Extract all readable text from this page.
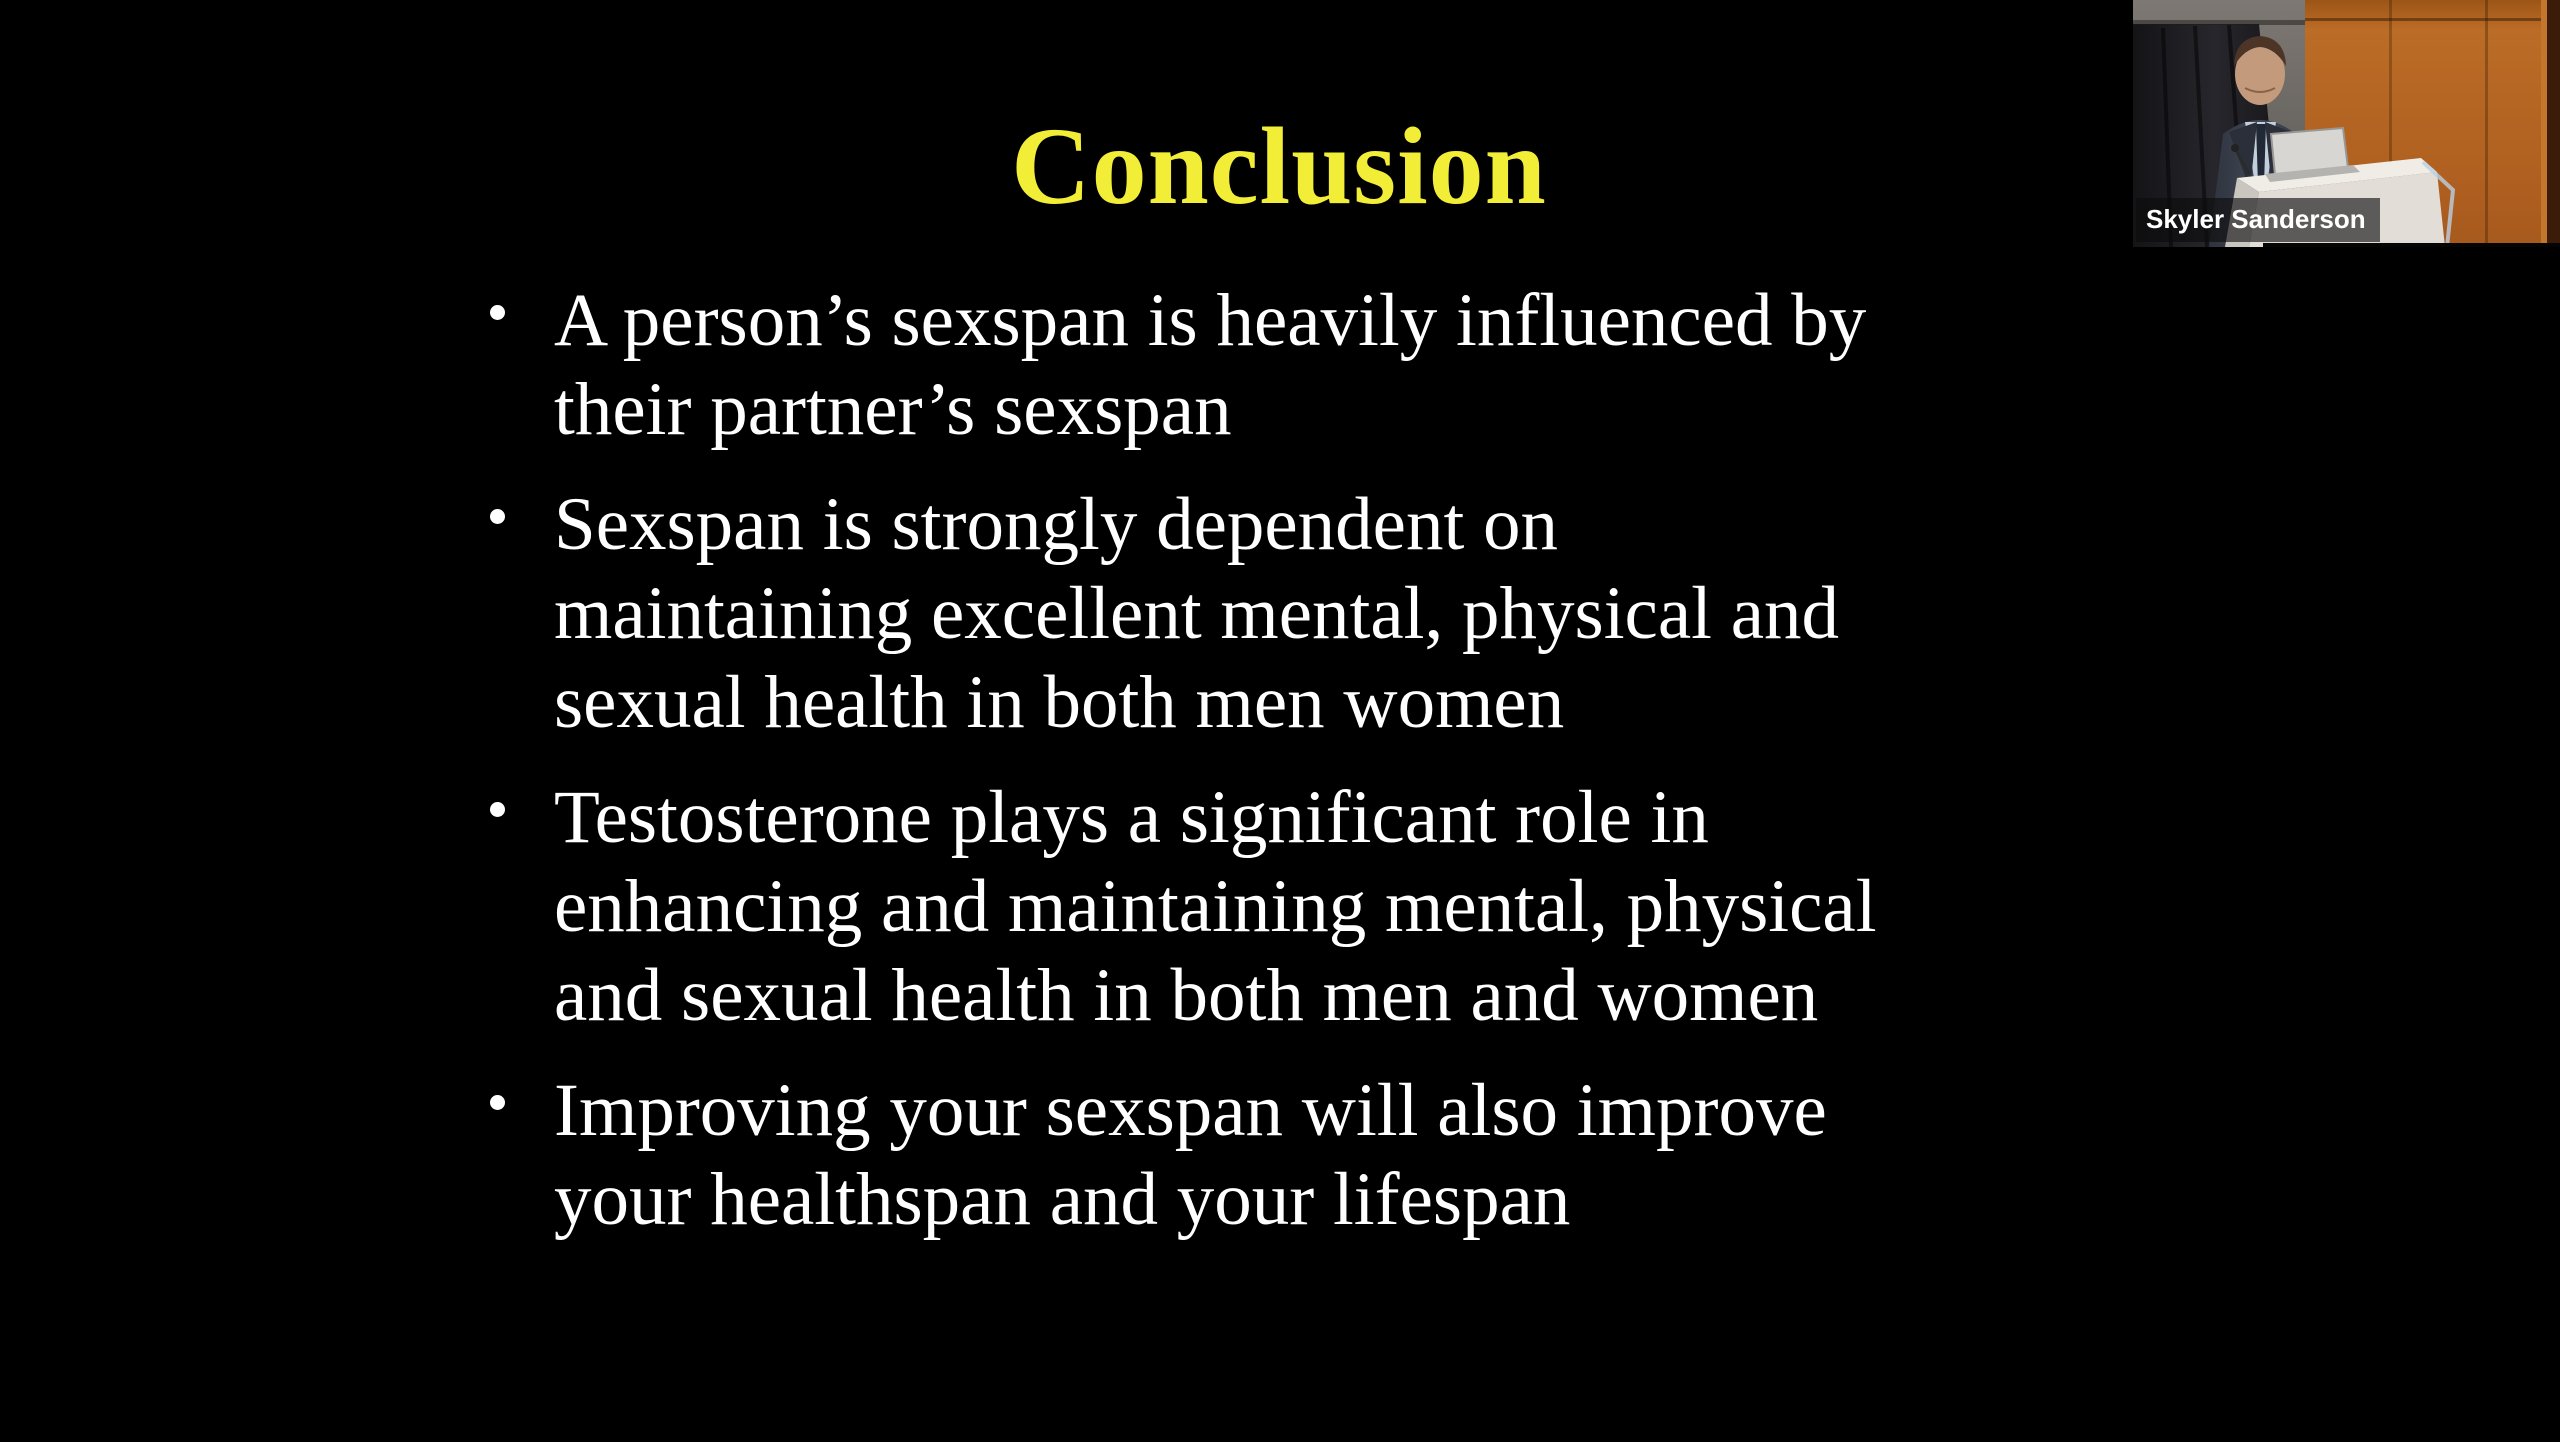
Conclusion
A person’s sexspan is heavily influenced by
their partner’s sexspan
Sexspan is strongly dependent on
maintaining excellent mental, physical and
sexual health in both men women
Testosterone plays a significant role in
enhancing and maintaining mental, physical
and sexual health in both men and women
Improving your sexspan will also improve
your healthspan and your lifespan
Skyler Sanderson
